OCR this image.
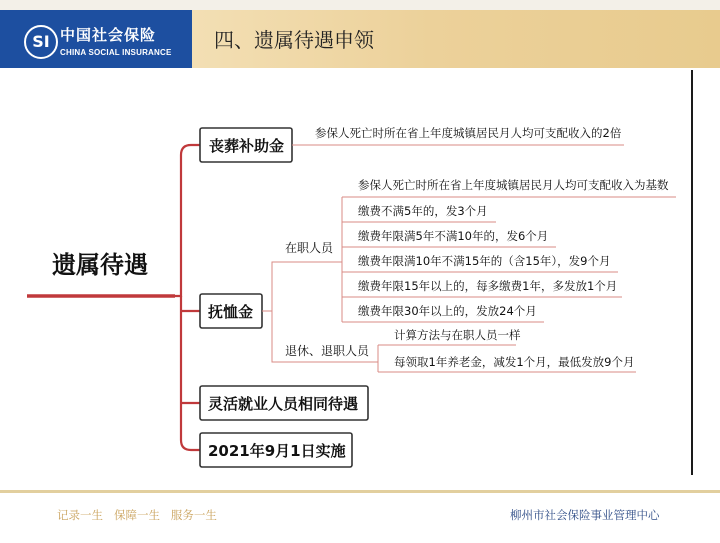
SI 中国社会保险
CHINA SOCIAL INSURANCE
四、遗属待遇申领
遗属待遇
丧葬补助金
抚恤金
灵活就业人员相同待遇
2021年9月1日实施
参保人死亡时所在省上年度城镇居民月人均可支配收入的2倍
在职人员
参保人死亡时所在省上年度城镇居民月人均可支配收入为基数
缴费不满5年的，发3个月
缴费年限满5年不满10年的，发6个月
缴费年限满10年不满15年的（含15年），发9个月
缴费年限15年以上的，每多缴费1年，多发放1个月
缴费年限30年以上的，发放24个月
退休、退职人员
计算方法与在职人员一样
每领取1年养老金，减发1个月，最低发放9个月
记录一生   保障一生   服务一生	柳州市社会保险事业管理中心
